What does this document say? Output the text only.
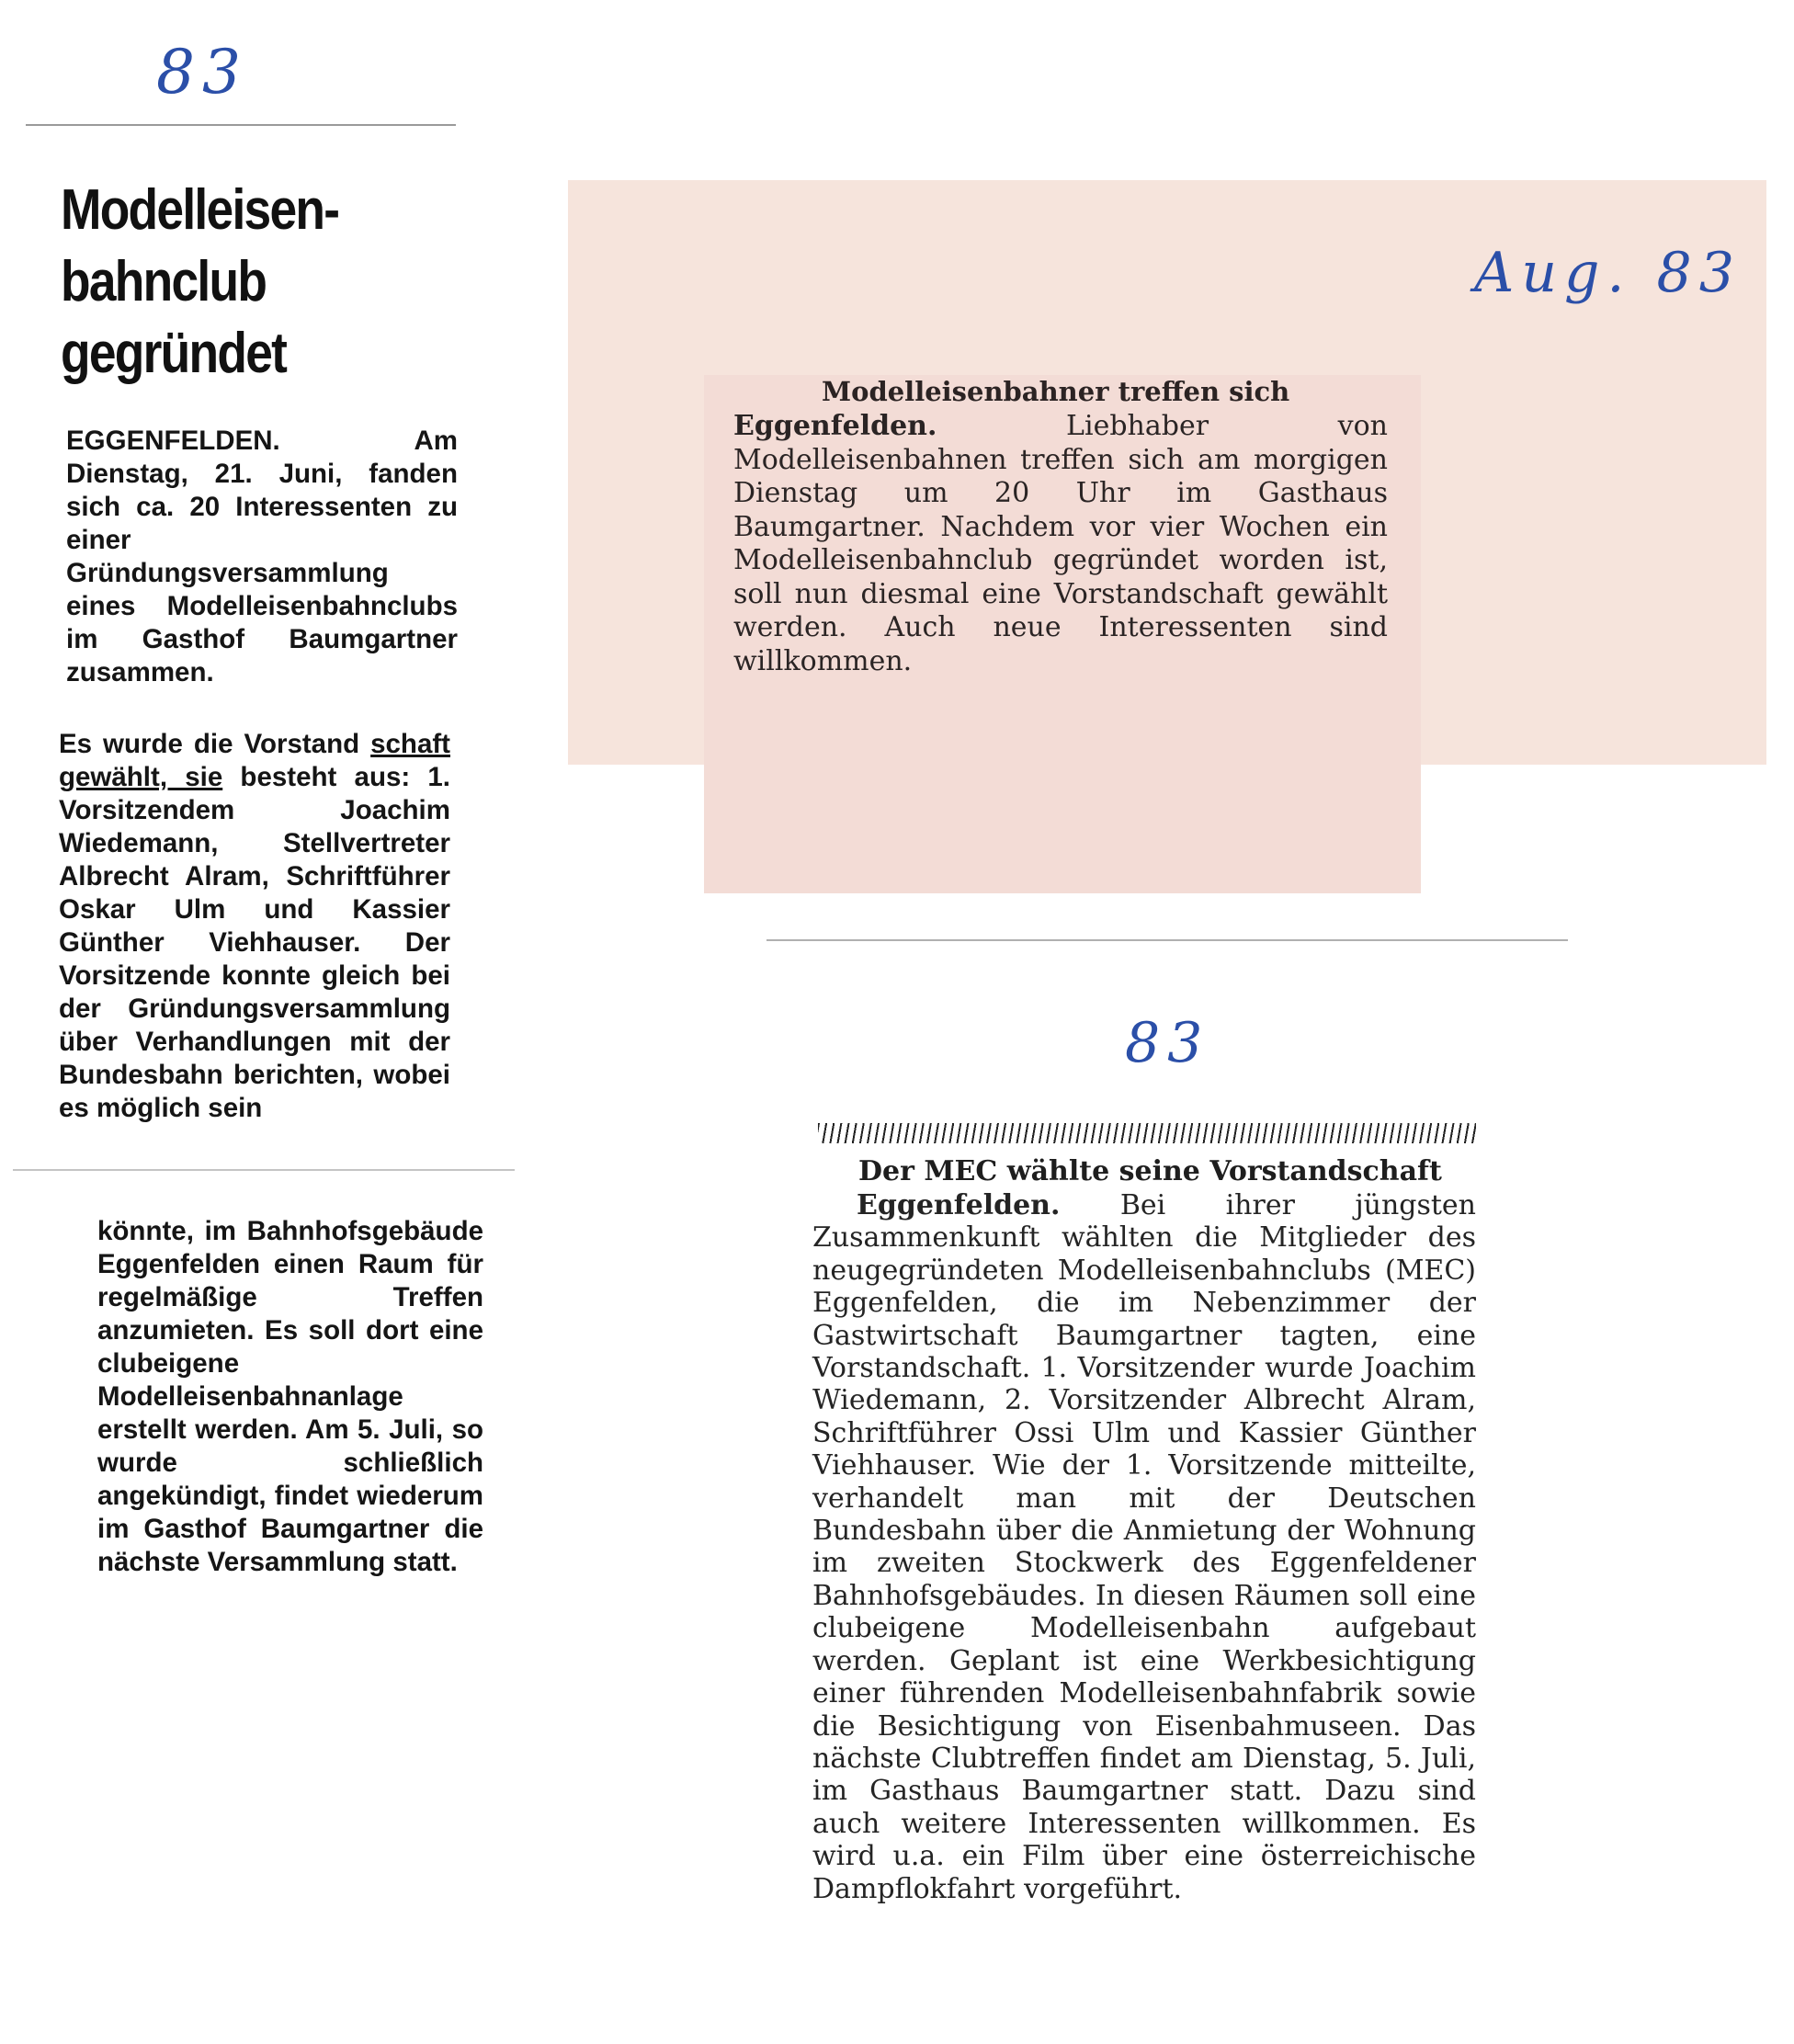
83
Modelleisen-bahnclub gegründet
EGGENFELDEN. Am Dienstag, 21. Juni, fanden sich ca. 20 Interessenten zu einer Gründungsversammlung eines Modelleisenbahnclubs im Gasthof Baumgartner zusammen.
Es wurde die Vorstand schaft gewählt, sie besteht aus: 1. Vorsitzendem Joachim Wiedemann, Stellvertreter Albrecht Alram, Schriftführer Oskar Ulm und Kassier Günther Viehhauser. Der Vorsitzende konnte gleich bei der Gründungsversammlung über Verhandlungen mit der Bundesbahn berichten, wobei es möglich sein
könnte, im Bahnhofsgebäude Eggenfelden einen Raum für regelmäßige Treffen anzumieten. Es soll dort eine clubeigene Modelleisenbahnanlage erstellt werden. Am 5. Juli, so wurde schließlich angekündigt, findet wiederum im Gasthof Baumgartner die nächste Versammlung statt.
Aug. 83
Modelleisenbahner treffen sich
Eggenfelden. Liebhaber von Modelleisenbahnen treffen sich am morgigen Dienstag um 20 Uhr im Gasthaus Baumgartner. Nachdem vor vier Wochen ein Modelleisenbahnclub gegründet worden ist, soll nun diesmal eine Vorstandschaft gewählt werden. Auch neue Interessenten sind willkommen.
83
Der MEC wählte seine Vorstandschaft
Eggenfelden. Bei ihrer jüngsten Zusammenkunft wählten die Mitglieder des neugegründeten Modelleisenbahnclubs (MEC) Eggenfelden, die im Nebenzimmer der Gastwirtschaft Baumgartner tagten, eine Vorstandschaft. 1. Vorsitzender wurde Joachim Wiedemann, 2. Vorsitzender Albrecht Alram, Schriftführer Ossi Ulm und Kassier Günther Viehhauser. Wie der 1. Vorsitzende mitteilte, verhandelt man mit der Deutschen Bundesbahn über die Anmietung der Wohnung im zweiten Stockwerk des Eggenfeldener Bahnhofsgebäudes. In diesen Räumen soll eine clubeigene Modelleisenbahn aufgebaut werden. Geplant ist eine Werkbesichtigung einer führenden Modelleisenbahnfabrik sowie die Besichtigung von Eisenbahmuseen. Das nächste Clubtreffen findet am Dienstag, 5. Juli, im Gasthaus Baumgartner statt. Dazu sind auch weitere Interessenten willkommen. Es wird u.a. ein Film über eine österreichische Dampflokfahrt vorgeführt.
